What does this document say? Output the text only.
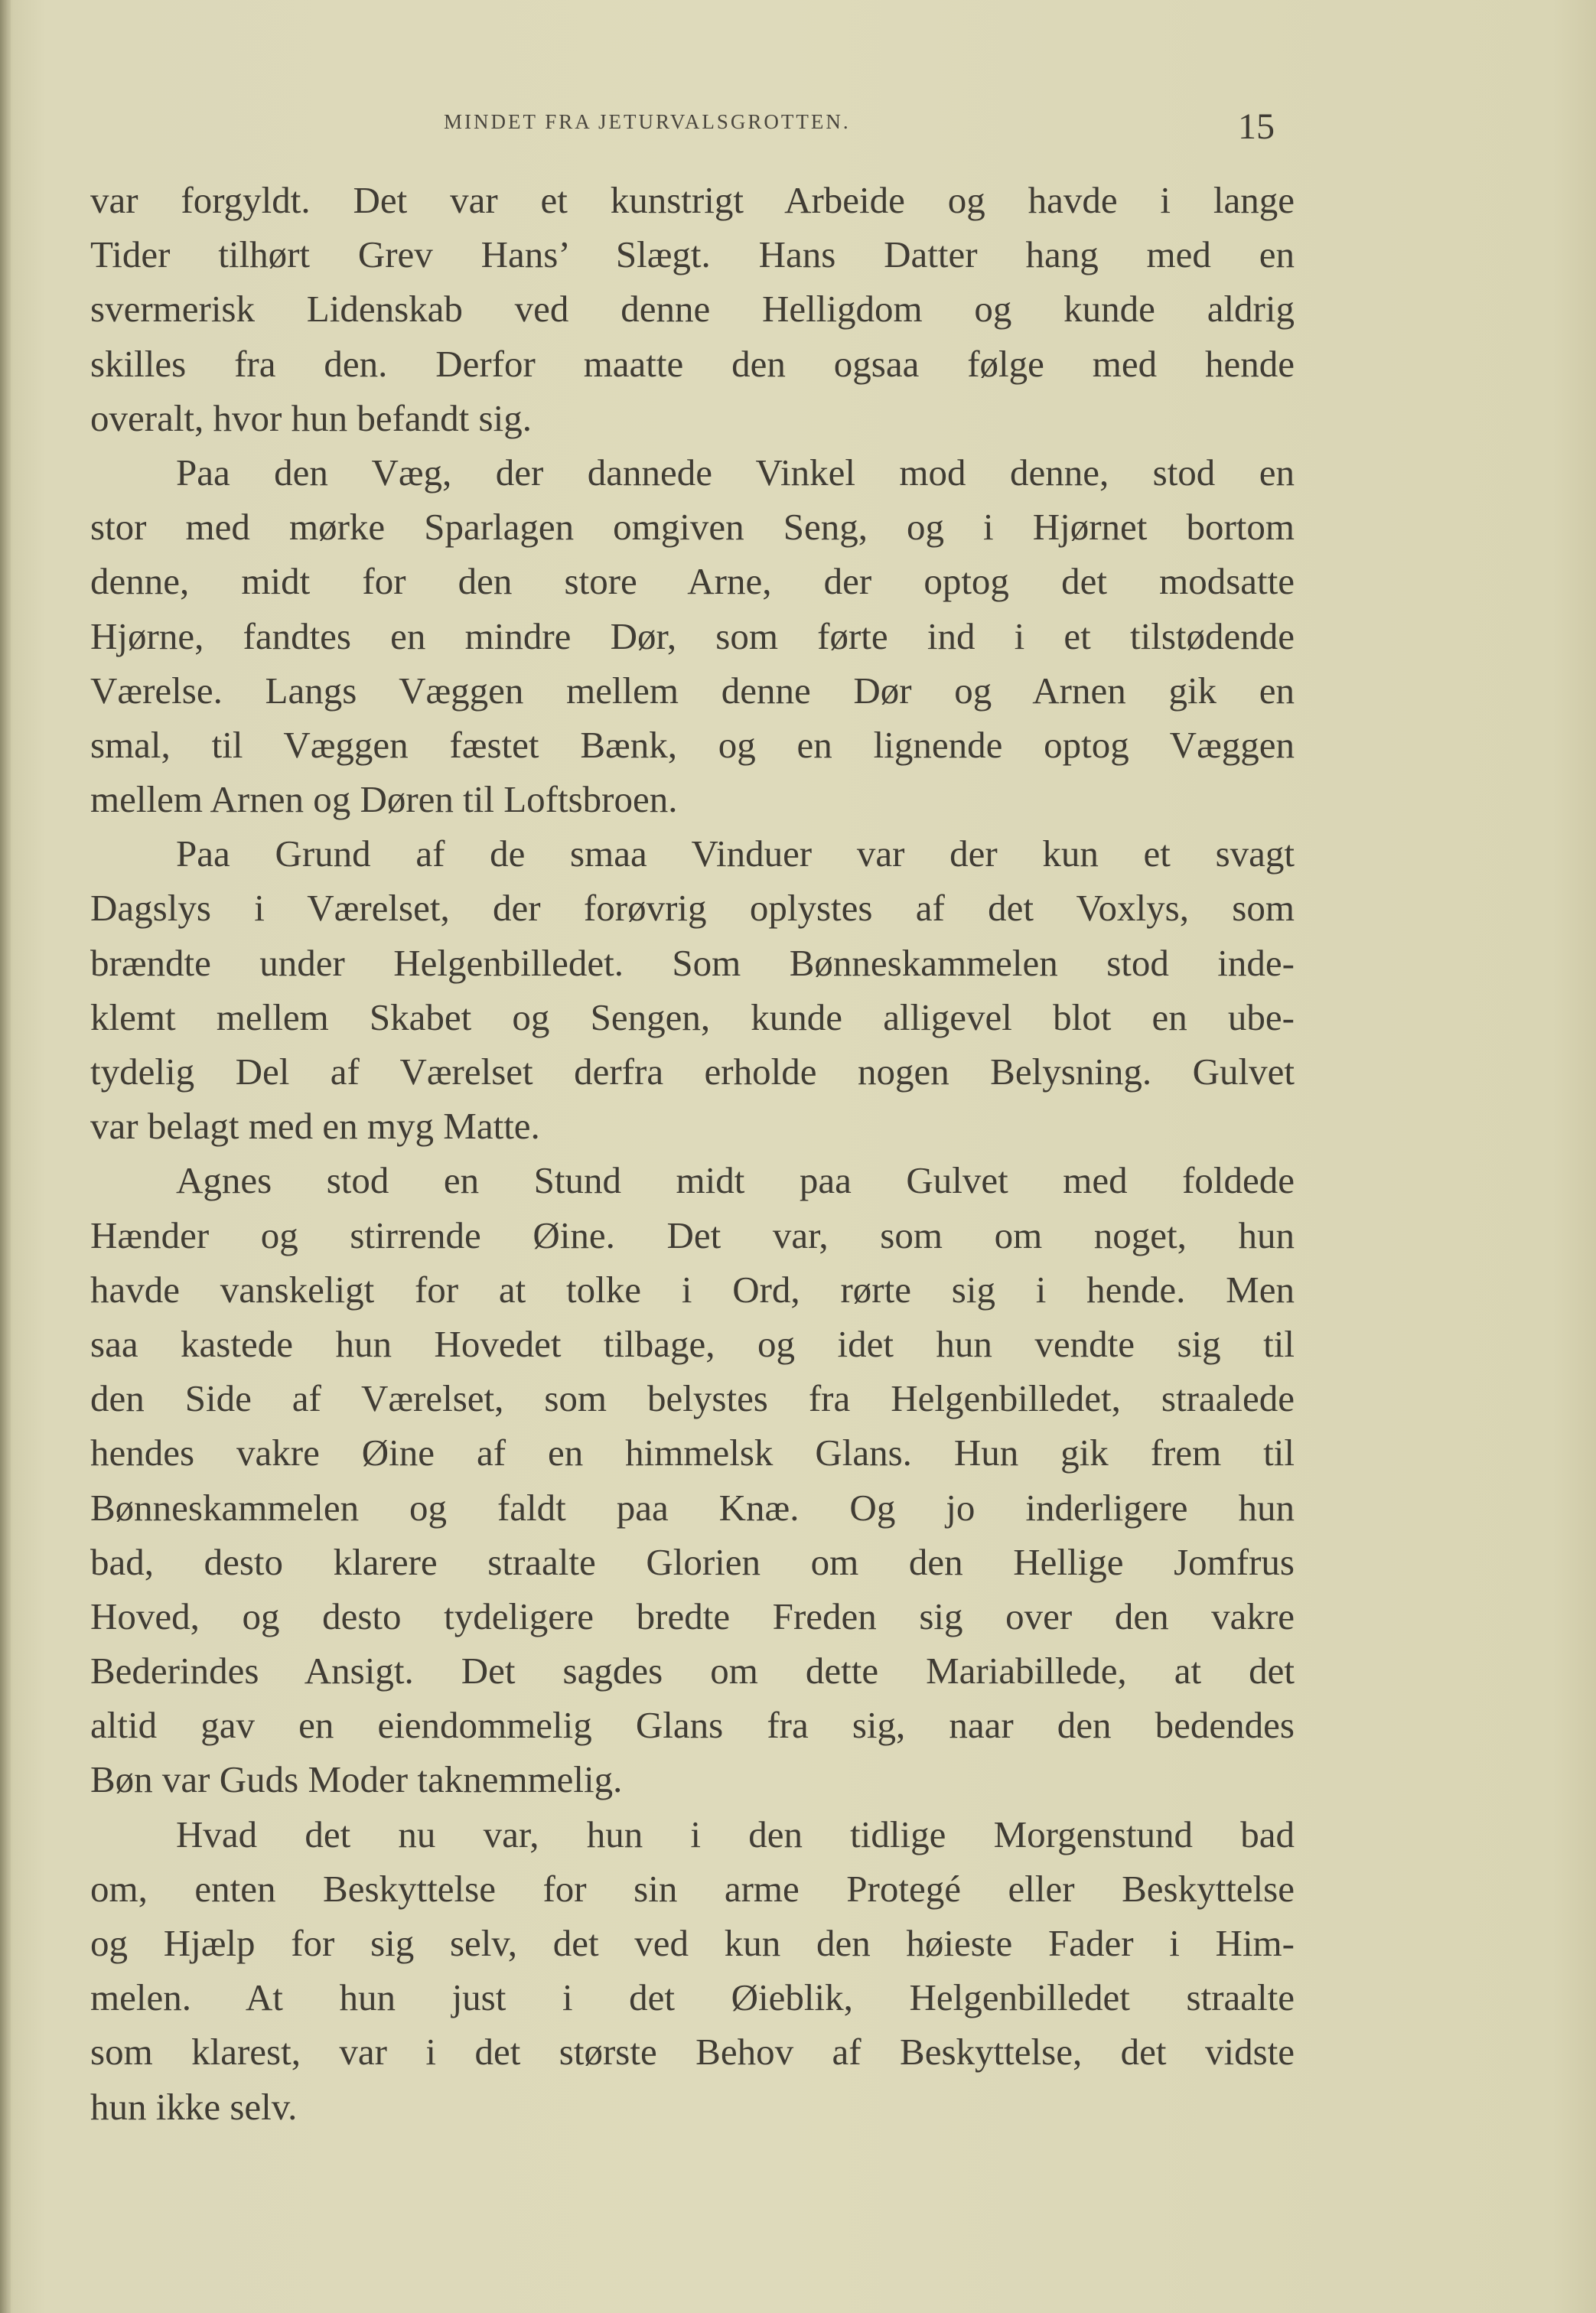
MINDET FRA JETURVALSGROTTEN.	15
var forgyldt. Det var et kunstrigt Arbeide og havde i lange
Tider tilhørt Grev Hans’ Slægt. Hans Datter hang med en
svermerisk Lidenskab ved denne Helligdom og kunde aldrig
skilles fra den. Derfor maatte den ogsaa følge med hende
overalt, hvor hun befandt sig.
Paa den Væg, der dannede Vinkel mod denne, stod en
stor med mørke Sparlagen omgiven Seng, og i Hjørnet bortom
denne, midt for den store Arne, der optog det modsatte
Hjørne, fandtes en mindre Dør, som førte ind i et tilstødende
Værelse. Langs Væggen mellem denne Dør og Arnen gik en
smal, til Væggen fæstet Bænk, og en lignende optog Væggen
mellem Arnen og Døren til Loftsbroen.
Paa Grund af de smaa Vinduer var der kun et svagt
Dagslys i Værelset, der forøvrig oplystes af det Voxlys, som
brændte under Helgenbilledet. Som Bønneskammelen stod inde-
klemt mellem Skabet og Sengen, kunde alligevel blot en ube-
tydelig Del af Værelset derfra erholde nogen Belysning. Gulvet
var belagt med en myg Matte.
Agnes stod en Stund midt paa Gulvet med foldede
Hænder og stirrende Øine. Det var, som om noget, hun
havde vanskeligt for at tolke i Ord, rørte sig i hende. Men
saa kastede hun Hovedet tilbage, og idet hun vendte sig til
den Side af Værelset, som belystes fra Helgenbilledet, straalede
hendes vakre Øine af en himmelsk Glans. Hun gik frem til
Bønneskammelen og faldt paa Knæ. Og jo inderligere hun
bad, desto klarere straalte Glorien om den Hellige Jomfrus
Hoved, og desto tydeligere bredte Freden sig over den vakre
Bederindes Ansigt. Det sagdes om dette Mariabillede, at det
altid gav en eiendommelig Glans fra sig, naar den bedendes
Bøn var Guds Moder taknemmelig.
Hvad det nu var, hun i den tidlige Morgenstund bad
om, enten Beskyttelse for sin arme Protegé eller Beskyttelse
og Hjælp for sig selv, det ved kun den høieste Fader i Him-
melen. At hun just i det Øieblik, Helgenbilledet straalte
som klarest, var i det største Behov af Beskyttelse, det vidste
hun ikke selv.
